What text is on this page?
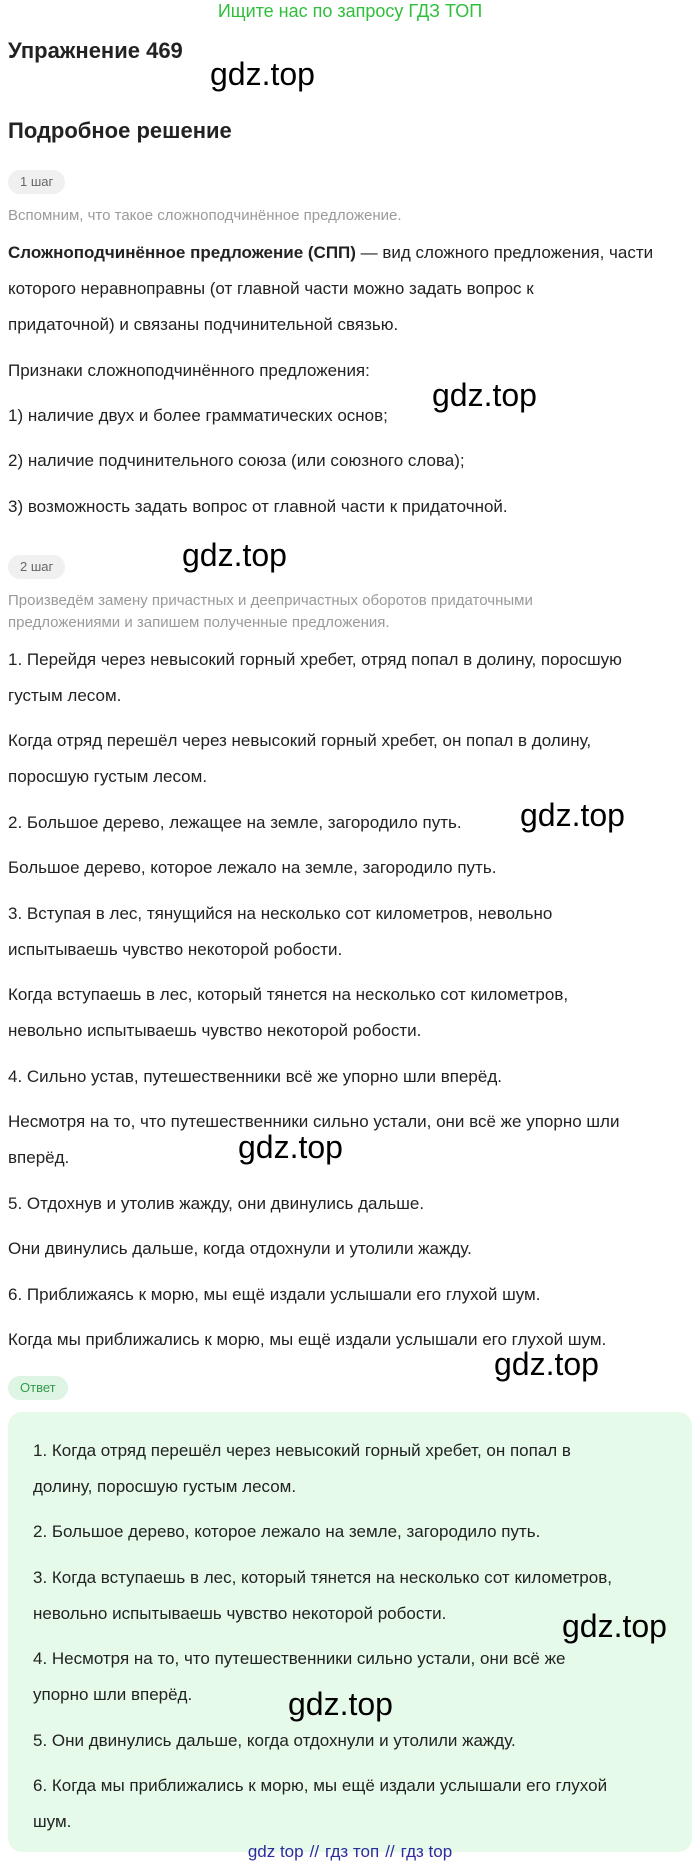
Ищите нас по запросу ГДЗ ТОП
Упражнение 469
gdz.top
Подробное решение
1 шаг
Вспомним, что такое сложноподчинённое предложение.
Сложноподчинённое предложение (СПП) — вид сложного предложения, части
которого неравноправны (от главной части можно задать вопрос к
придаточной) и связаны подчинительной связью.
Признаки сложноподчинённого предложения:
1) наличие двух и более грамматических основ;
gdz.top
2) наличие подчинительного союза (или союзного слова);
3) возможность задать вопрос от главной части к придаточной.
2 шаг	gdz.top
Произведём замену причастных и деепричастных оборотов придаточными
предложениями и запишем полученные предложения.
1. Перейдя через невысокий горный хребет, отряд попал в долину, поросшую
густым лесом.
Когда отряд перешёл через невысокий горный хребет, он попал в долину,
поросшую густым лесом.
2. Большое дерево, лежащее на земле, загородило путь.	gdz.top
Большое дерево, которое лежало на земле, загородило путь.
3. Вступая в лес, тянущийся на несколько сот километров, невольно
испытываешь чувство некоторой робости.
Когда вступаешь в лес, который тянется на несколько сот километров,
невольно испытываешь чувство некоторой робости.
4. Сильно устав, путешественники всё же упорно шли вперёд.
Несмотря на то, что путешественники сильно устали, они всё же упорно шли
вперёд.	gdz.top
5. Отдохнув и утолив жажду, они двинулись дальше.
Они двинулись дальше, когда отдохнули и утолили жажду.
6. Приближаясь к морю, мы ещё издали услышали его глухой шум.
Когда мы приближались к морю, мы ещё издали услышали его глухой шум.
gdz.top
Ответ
1. Когда отряд перешёл через невысокий горный хребет, он попал в
долину, поросшую густым лесом.
2. Большое дерево, которое лежало на земле, загородило путь.
3. Когда вступаешь в лес, который тянется на несколько сот километров,
невольно испытываешь чувство некоторой робости.	gdz.top
4. Несмотря на то, что путешественники сильно устали, они всё же
упорно шли вперёд.	gdz.top
5. Они двинулись дальше, когда отдохнули и утолили жажду.
6. Когда мы приближались к морю, мы ещё издали услышали его глухой
шум.
gdz top // гдз топ // гдз top
